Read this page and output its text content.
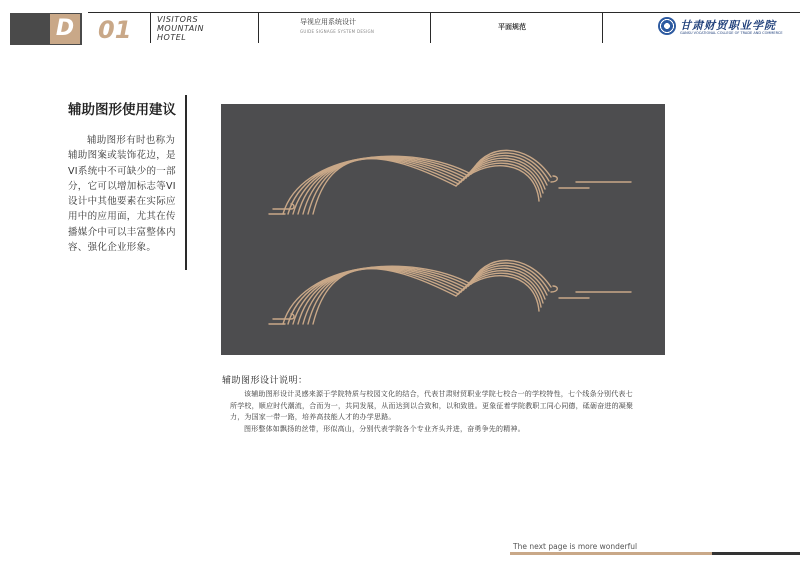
D 01	VISITORS
MOUNTAIN
HOTEL
导视应用系统设计
GUIDE SIGNAGE SYSTEM DESIGN
平面规范	甘肃财贸职业学院
GANSU VOCATIONAL COLLEGE OF TRADE AND COMMERCE
辅助图形使用建议
辅助图形有时也称为辅助图案或装饰花边，是VI系统中不可缺少的一部分，它可以增加标志等VI设计中其他要素在实际应用中的应用面，尤其在传播媒介中可以丰富整体内容、强化企业形象。
辅助图形设计说明：

该辅助图形设计灵感来源于学院特质与校园文化的结合，代表甘肃财贸职业学院七校合一的学校特性，七个线条分别代表七所学校，顺应时代潮流，合而为一，共同发展，从而达到以合致和，以和致胜。更象征着学院教职工同心同德，砥砺奋进的凝聚力，为国家一带一路，培养高技能人才的办学思路。

图形整体如飘扬的丝带，形似高山，分别代表学院各个专业齐头并进，奋勇争先的精神。

The next page is more wonderful
